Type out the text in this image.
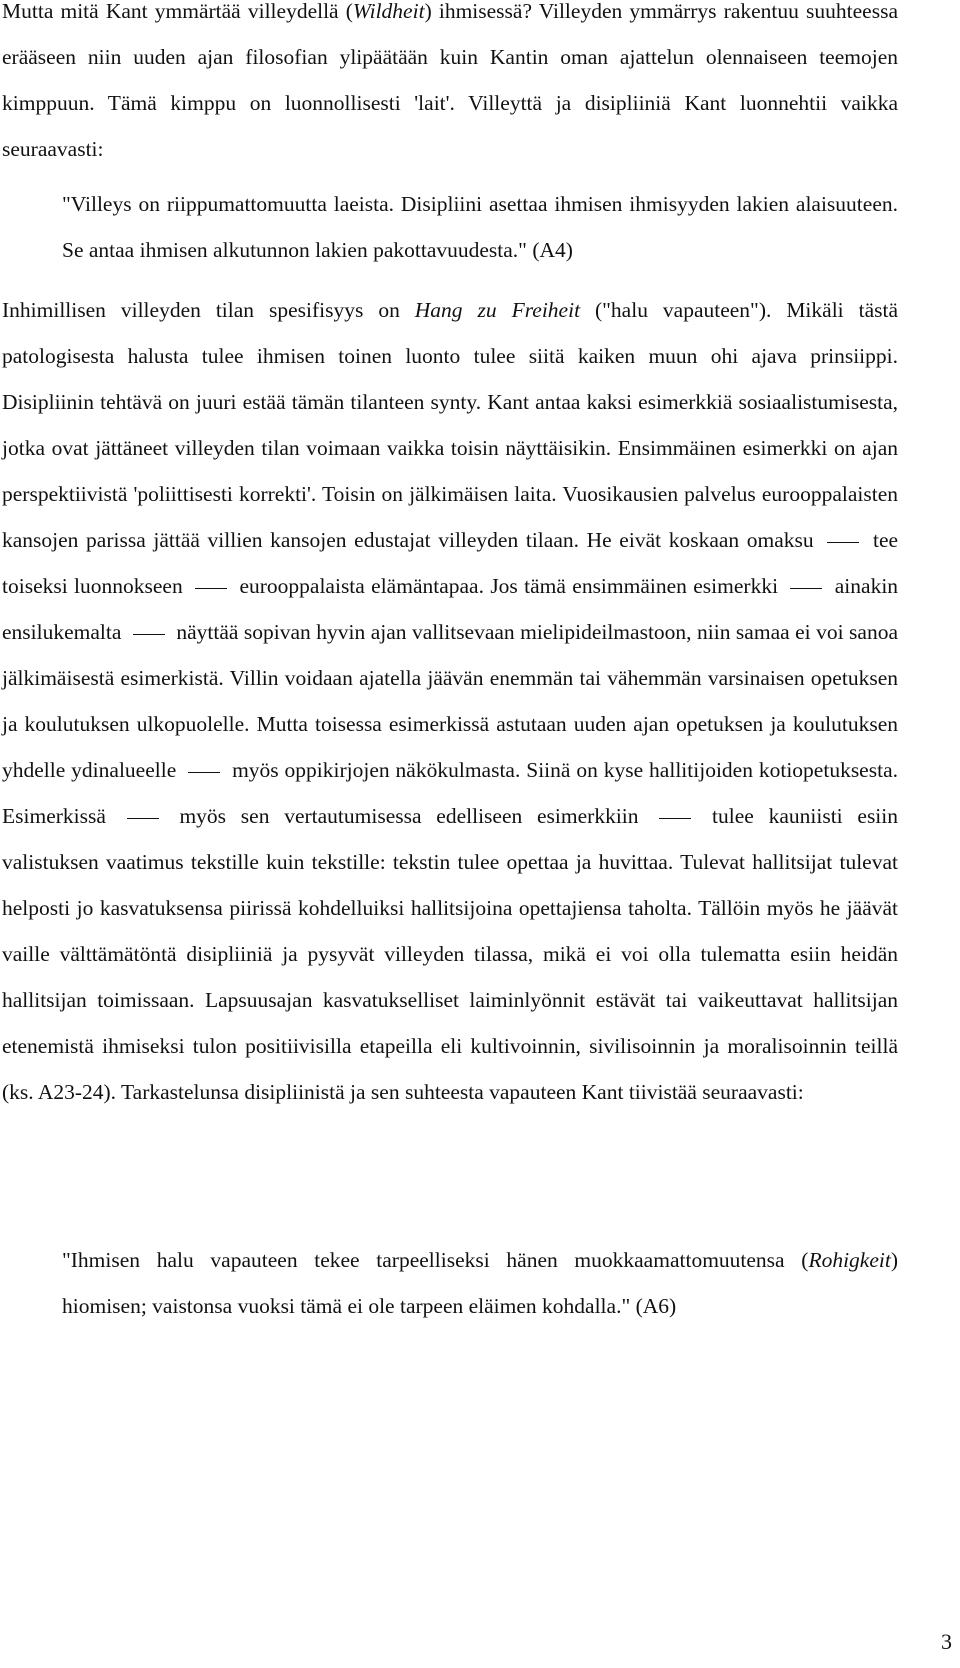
Mutta mitä Kant ymmärtää villeydellä (Wildheit) ihmisessä? Villeyden ymmärrys rakentuu suuhteessa erääseen niin uuden ajan filosofian ylipäätään kuin Kantin oman ajattelun olennaiseen teemojen kimppuun. Tämä kimppu on luonnollisesti 'lait'. Villeyttä ja disipliiniä Kant luonnehtii vaikka seuraavasti:

"Villeys on riippumattomuutta laeista. Disipliini asettaa ihmisen ihmisyyden lakien alaisuuteen. Se antaa ihmisen alkutunnon lakien pakottavuudesta." (A4)

Inhimillisen villeyden tilan spesifisyys on Hang zu Freiheit ("halu vapauteen"). Mikäli tästä patologisesta halusta tulee ihmisen toinen luonto tulee siitä kaiken muun ohi ajava prinsiippi. Disipliinin tehtävä on juuri estää tämän tilanteen synty. Kant antaa kaksi esimerkkiä sosiaalistumisesta, jotka ovat jättäneet villeyden tilan voimaan vaikka toisin näyttäisikin. Ensimmäinen esimerkki on ajan perspektiivistä 'poliittisesti korrekti'. Toisin on jälkimäisen laita. Vuosikausien palvelus eurooppalaisten kansojen parissa jättää villien kansojen edustajat villeyden tilaan. He eivät koskaan omaksu	tee toiseksi luonnokseen	eurooppalaista elämäntapaa. Jos tämä ensimmäinen esimerkki	ainakin ensilukemalta	näyttää sopivan hyvin ajan vallitsevaan mielipideilmastoon, niin samaa ei voi sanoa jälkimäisestä esimerkistä. Villin voidaan ajatella jäävän enemmän tai vähemmän varsinaisen opetuksen ja koulutuksen ulkopuolelle. Mutta toisessa esimerkissä astutaan uuden ajan opetuksen ja koulutuksen yhdelle ydinalueelle	myös oppikirjojen näkökulmasta. Siinä on kyse hallitijoiden kotiopetuksesta. Esimerkissä	myös sen vertautumisessa edelliseen esimerkkiin	tulee kauniisti esiin valistuksen vaatimus tekstille kuin tekstille: tekstin tulee opettaa ja huvittaa. Tulevat hallitsijat tulevat helposti jo kasvatuksensa piirissä kohdelluiksi hallitsijoina opettajiensa taholta. Tällöin myös he jäävät vaille välttämätöntä disipliiniä ja pysyvät villeyden tilassa, mikä ei voi olla tulematta esiin heidän hallitsijan toimissaan. Lapsuusajan kasvatukselliset laiminlyönnit estävät tai vaikeuttavat hallitsijan etenemistä ihmiseksi tulon positiivisilla etapeilla eli kultivoinnin, sivilisoinnin ja moralisoinnin teillä (ks. A23-24). Tarkastelunsa disipliinistä ja sen suhteesta vapauteen Kant tiivistää seuraavasti:

"Ihmisen halu vapauteen tekee tarpeelliseksi hänen muokkaamattomuutensa (Rohigkeit) hiomisen; vaistonsa vuoksi tämä ei ole tarpeen eläimen kohdalla." (A6)

3
